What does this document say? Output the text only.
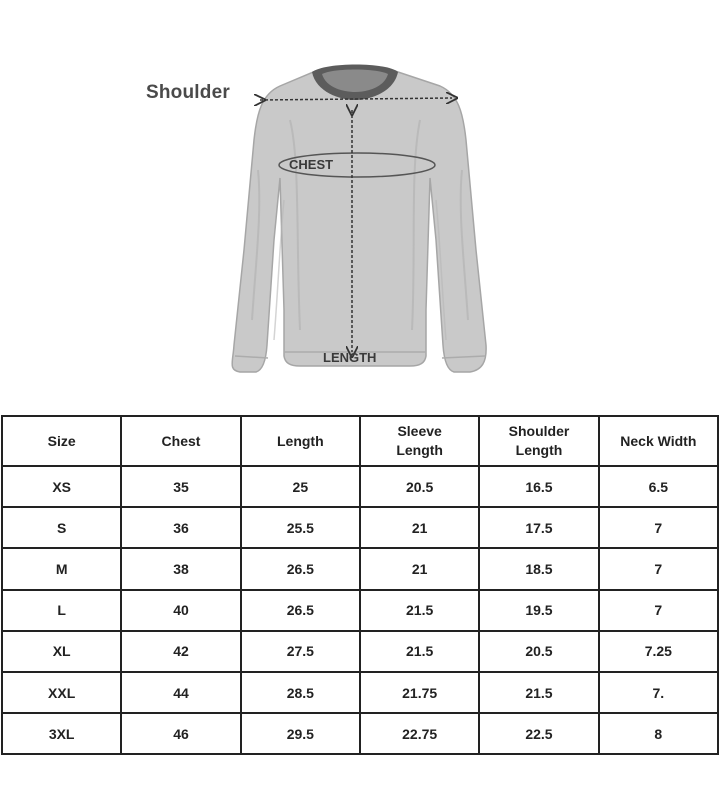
Shoulder
CHEST
LENGTH
Size	Chest	Length	Sleeve Length	Shoulder Length	Neck Width
XS	35	25	20.5	16.5	6.5
S	36	25.5	21	17.5	7
M	38	26.5	21	18.5	7
L	40	26.5	21.5	19.5	7
XL	42	27.5	21.5	20.5	7.25
XXL	44	28.5	21.75	21.5	7.
3XL	46	29.5	22.75	22.5	8
